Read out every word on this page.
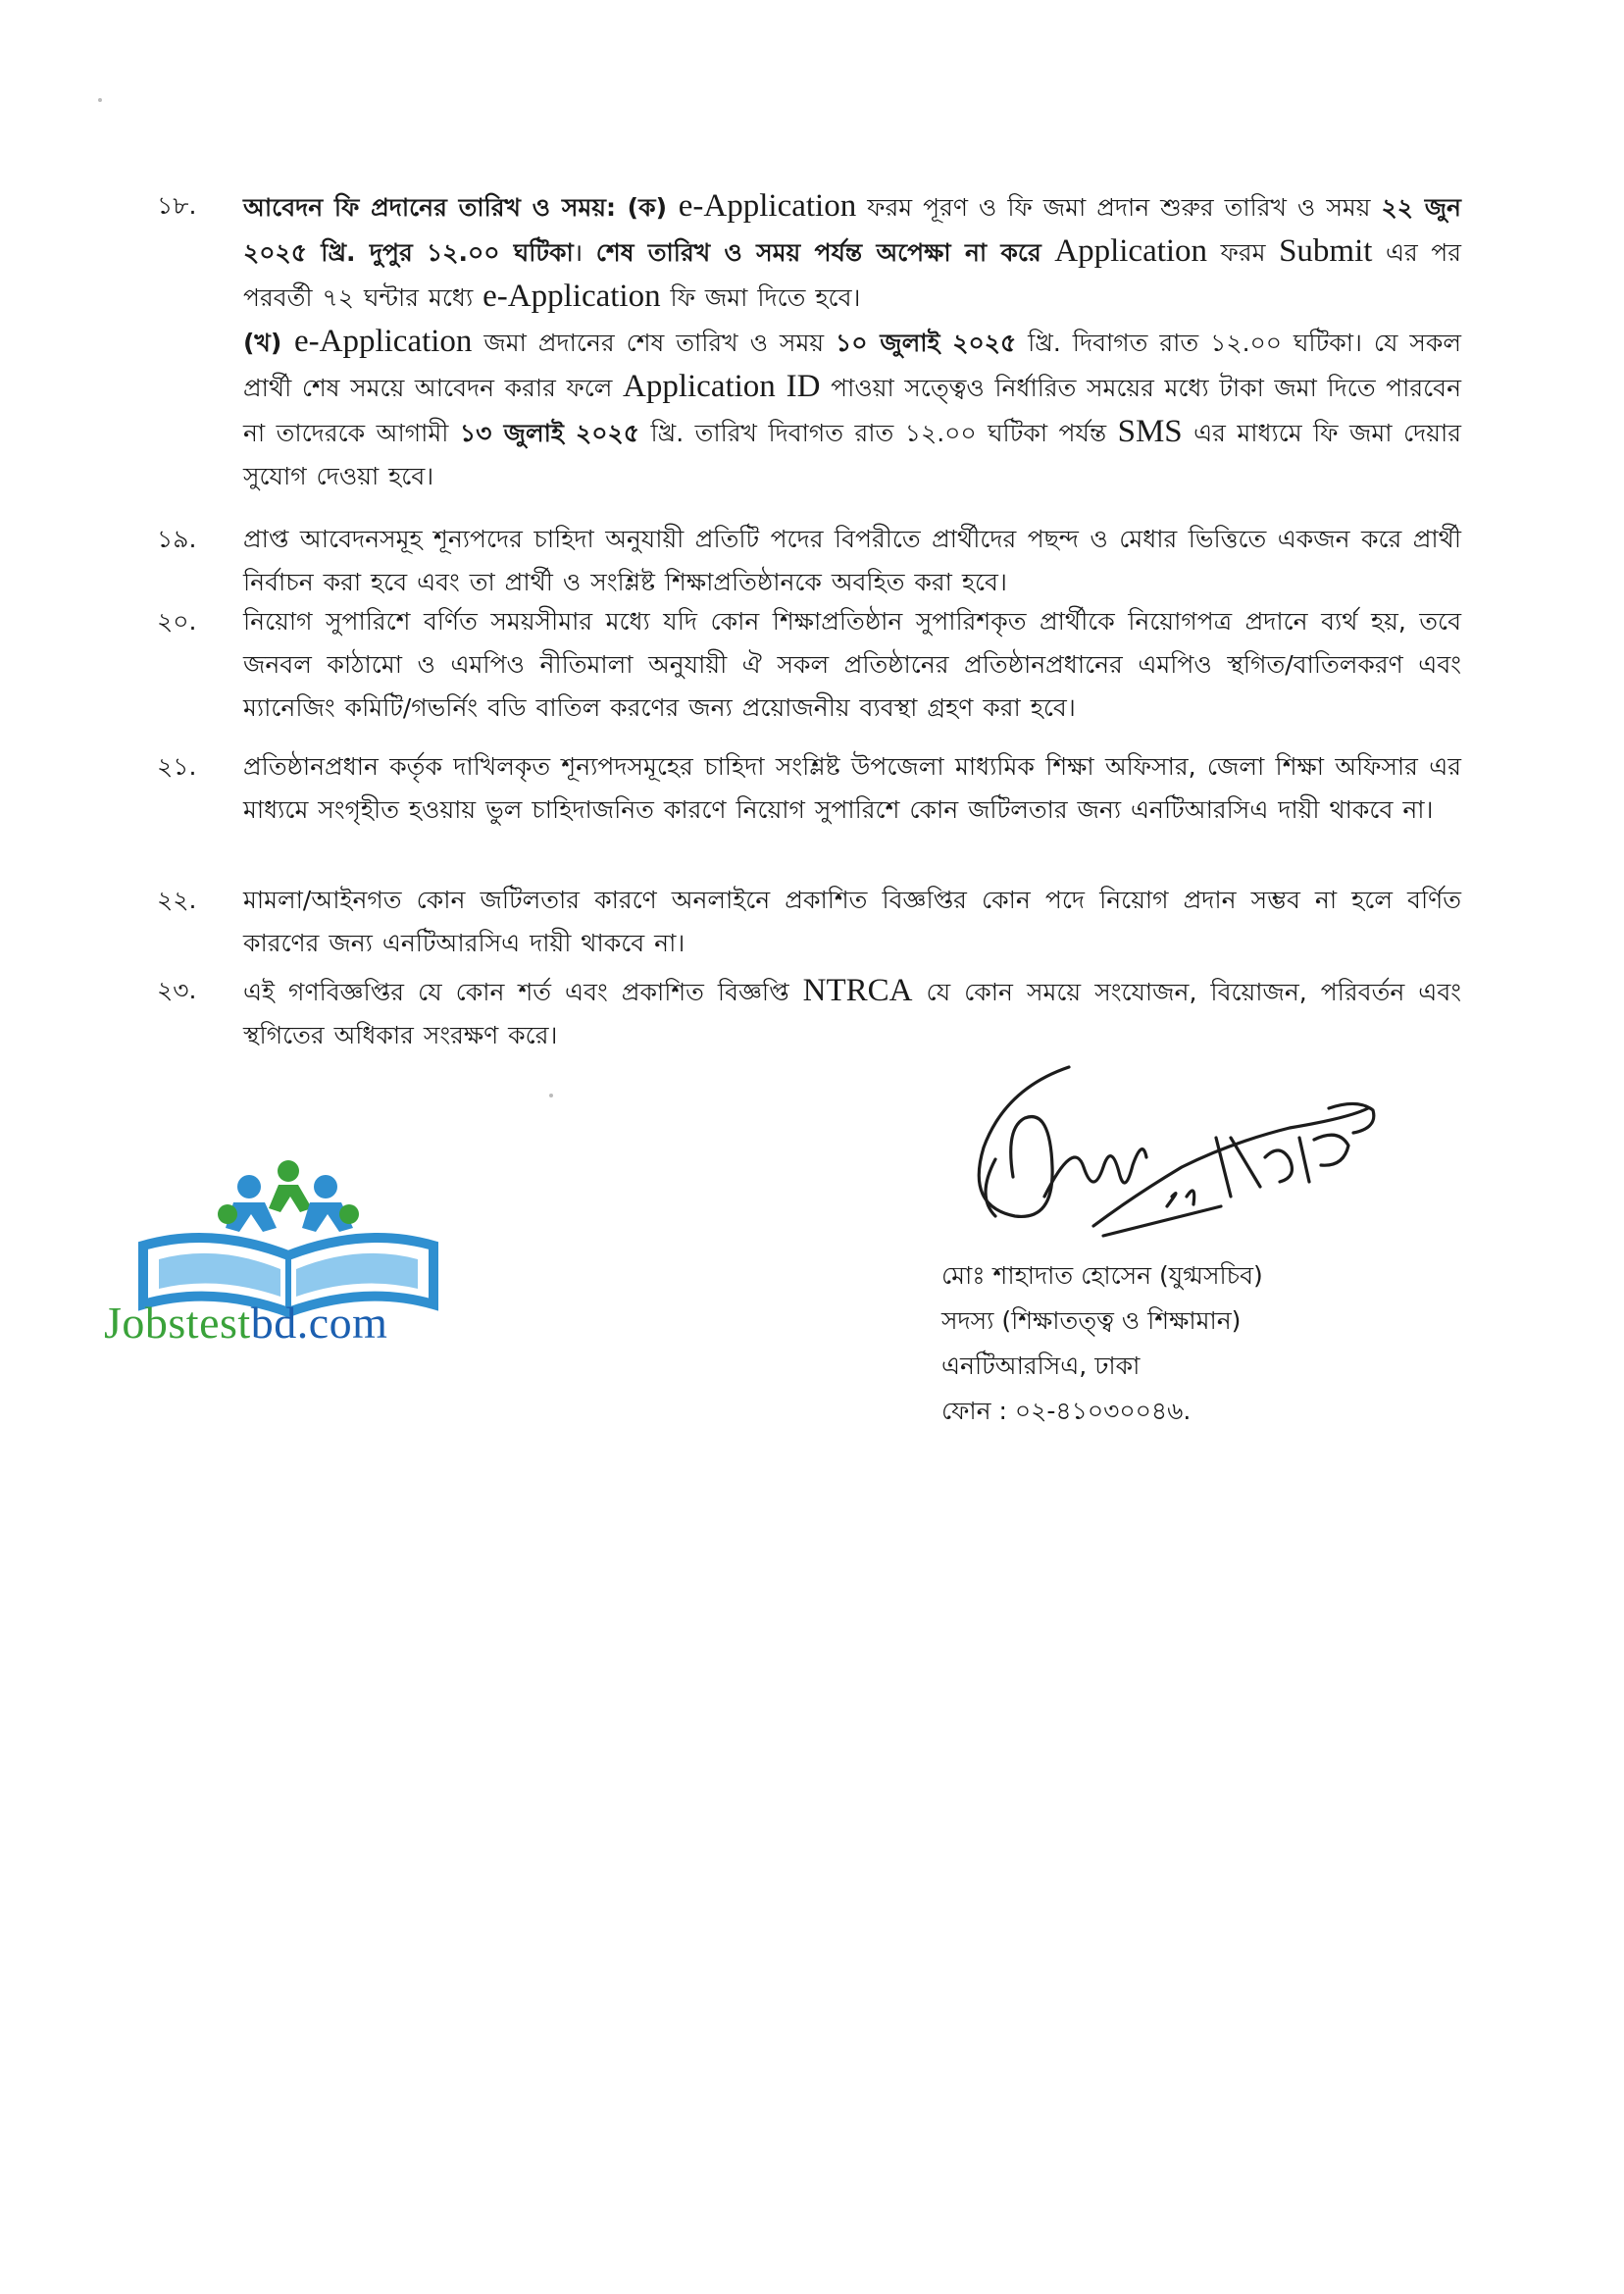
১৮.	আবেদন ফি প্রদানের তারিখ ও সময়: (ক) e-Application ফরম পূরণ ও ফি জমা প্রদান শুরুর তারিখ ও সময় ২২ জুন ২০২৫ খ্রি. দুপুর ১২.০০ ঘটিকা। শেষ তারিখ ও সময় পর্যন্ত অপেক্ষা না করে Application ফরম Submit এর পর পরবর্তী ৭২ ঘন্টার মধ্যে e-Application ফি জমা দিতে হবে।

(খ) e-Application জমা প্রদানের শেষ তারিখ ও সময় ১০ জুলাই ২০২৫ খ্রি. দিবাগত রাত ১২.০০ ঘটিকা। যে সকল প্রার্থী শেষ সময়ে আবেদন করার ফলে Application ID পাওয়া সত্ত্বেও নির্ধারিত সময়ের মধ্যে টাকা জমা দিতে পারবেন না তাদেরকে আগামী ১৩ জুলাই ২০২৫ খ্রি. তারিখ দিবাগত রাত ১২.০০ ঘটিকা পর্যন্ত SMS এর মাধ্যমে ফি জমা দেয়ার সুযোগ দেওয়া হবে।

১৯.	প্রাপ্ত আবেদনসমূহ শূন্যপদের চাহিদা অনুযায়ী প্রতিটি পদের বিপরীতে প্রার্থীদের পছন্দ ও মেধার ভিত্তিতে একজন করে প্রার্থী নির্বাচন করা হবে এবং তা প্রার্থী ও সংশ্লিষ্ট শিক্ষাপ্রতিষ্ঠানকে অবহিত করা হবে।

২০.	নিয়োগ সুপারিশে বর্ণিত সময়সীমার মধ্যে যদি কোন শিক্ষাপ্রতিষ্ঠান সুপারিশকৃত প্রার্থীকে নিয়োগপত্র প্রদানে ব্যর্থ হয়, তবে জনবল কাঠামো ও এমপিও নীতিমালা অনুযায়ী ঐ সকল প্রতিষ্ঠানের প্রতিষ্ঠানপ্রধানের এমপিও স্থগিত/বাতিলকরণ এবং ম্যানেজিং কমিটি/গভর্নিং বডি বাতিল করণের জন্য প্রয়োজনীয় ব্যবস্থা গ্রহণ করা হবে।

২১.	প্রতিষ্ঠানপ্রধান কর্তৃক দাখিলকৃত শূন্যপদসমূহের চাহিদা সংশ্লিষ্ট উপজেলা মাধ্যমিক শিক্ষা অফিসার, জেলা শিক্ষা অফিসার এর মাধ্যমে সংগৃহীত হওয়ায় ভুল চাহিদাজনিত কারণে নিয়োগ সুপারিশে কোন জটিলতার জন্য এনটিআরসিএ দায়ী থাকবে না।

২২.	মামলা/আইনগত কোন জটিলতার কারণে অনলাইনে প্রকাশিত বিজ্ঞপ্তির কোন পদে নিয়োগ প্রদান সম্ভব না হলে বর্ণিত কারণের জন্য এনটিআরসিএ দায়ী থাকবে না।

২৩.	এই গণবিজ্ঞপ্তির যে কোন শর্ত এবং প্রকাশিত বিজ্ঞপ্তি NTRCA যে কোন সময়ে সংযোজন, বিয়োজন, পরিবর্তন এবং স্থগিতের অধিকার সংরক্ষণ করে।

Jobstestbd.com
মোঃ শাহাদাত হোসেন (যুগ্মসচিব)
সদস্য (শিক্ষাতত্ত্ব ও শিক্ষামান)
এনটিআরসিএ, ঢাকা
ফোন : ০২-৪১০৩০০৪৬.
